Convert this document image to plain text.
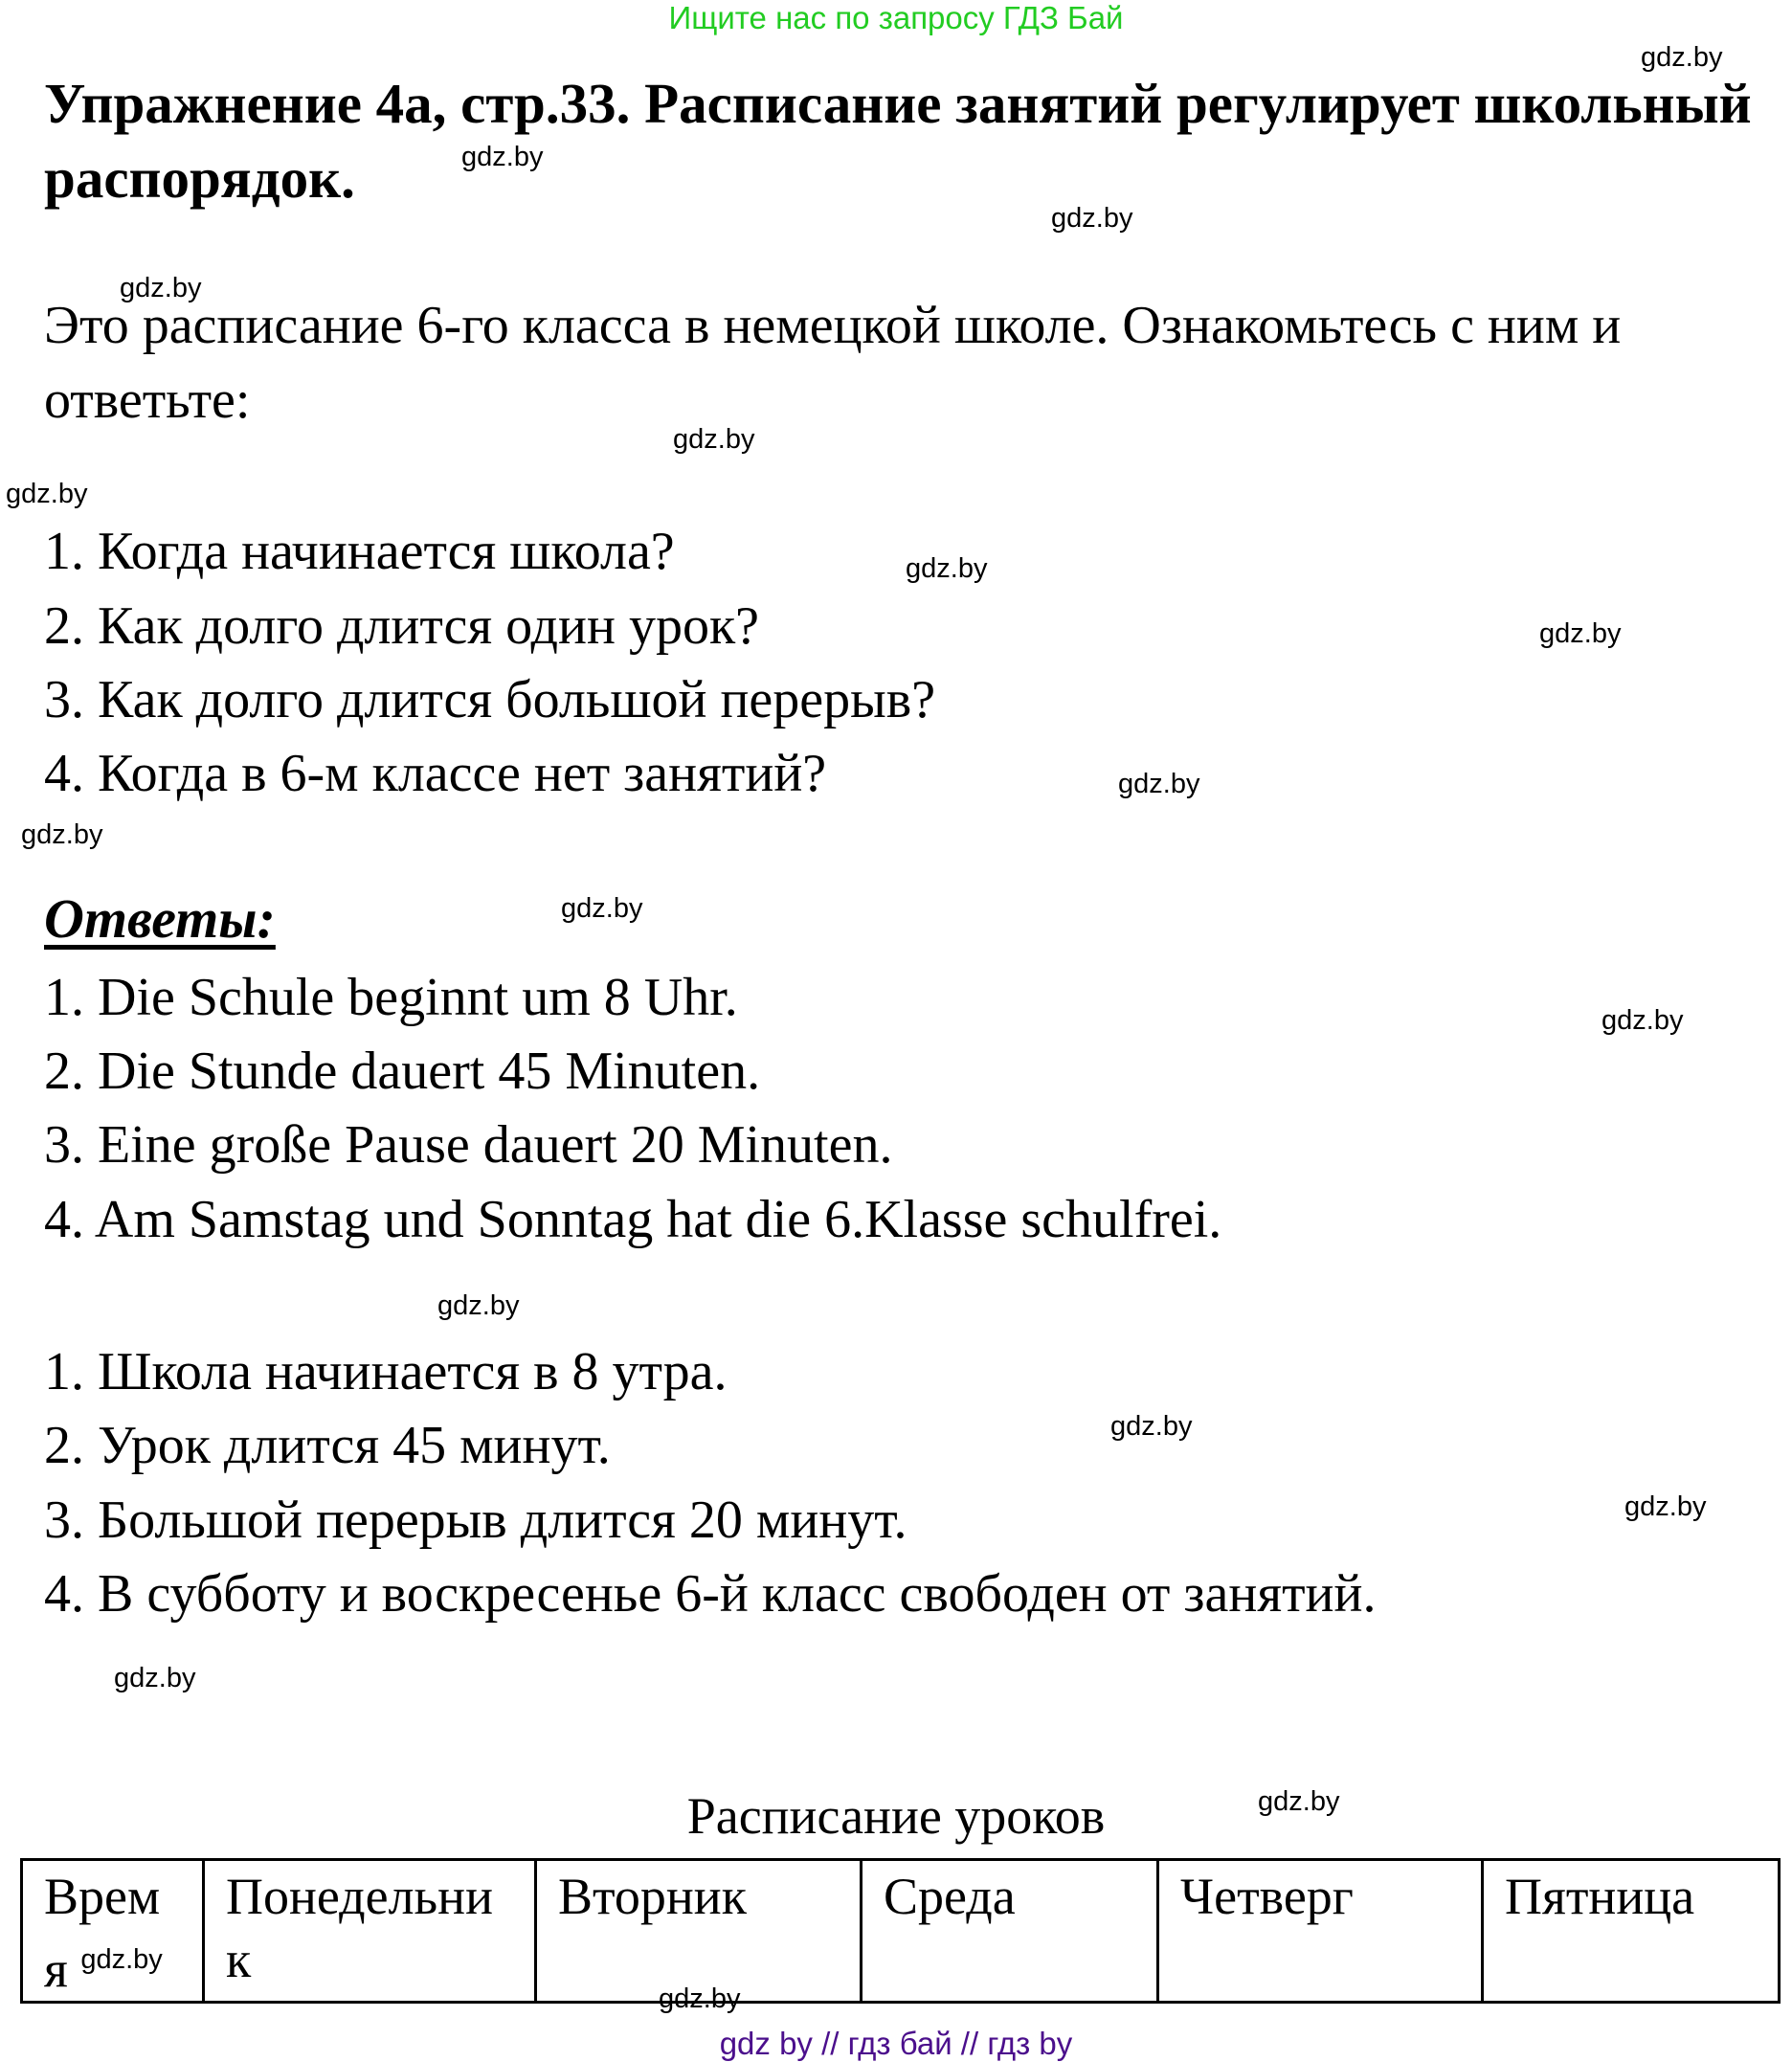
Ищите нас по запросу ГДЗ Бай
gdz.by
gdz.by
gdz.by
gdz.by
gdz.by
gdz.by
gdz.by
gdz.by
gdz.by
gdz.by
gdz.by
gdz.by
gdz.by
gdz.by
gdz.by
gdz.by
gdz.by
gdz.by
Упражнение 4а, стр.33. Расписание занятий регулирует школьный
распорядок.
Это расписание 6-го класса в немецкой школе. Ознакомьтесь с ним и
ответьте:
1. Когда начинается школа?
2. Как долго длится один урок?
3. Как долго длится большой перерыв?
4. Когда в 6-м классе нет занятий?
Ответы:
1. Die Schule beginnt um 8 Uhr.
2. Die Stunde dauert 45 Minuten.
3. Eine große Pause dauert 20 Minuten.
4. Am Samstag und Sonntag hat die 6.Klasse schulfrei.
1. Школа начинается в 8 утра.
2. Урок длится 45 минут.
3. Большой перерыв длится 20 минут.
4. В субботу и воскресенье 6-й класс свободен от занятий.
Расписание уроков
Время $^{gdz.by}$	Понедельник	Вторник	Среда	Четверг	Пятница
gdz by // гдз бай // гдз by
